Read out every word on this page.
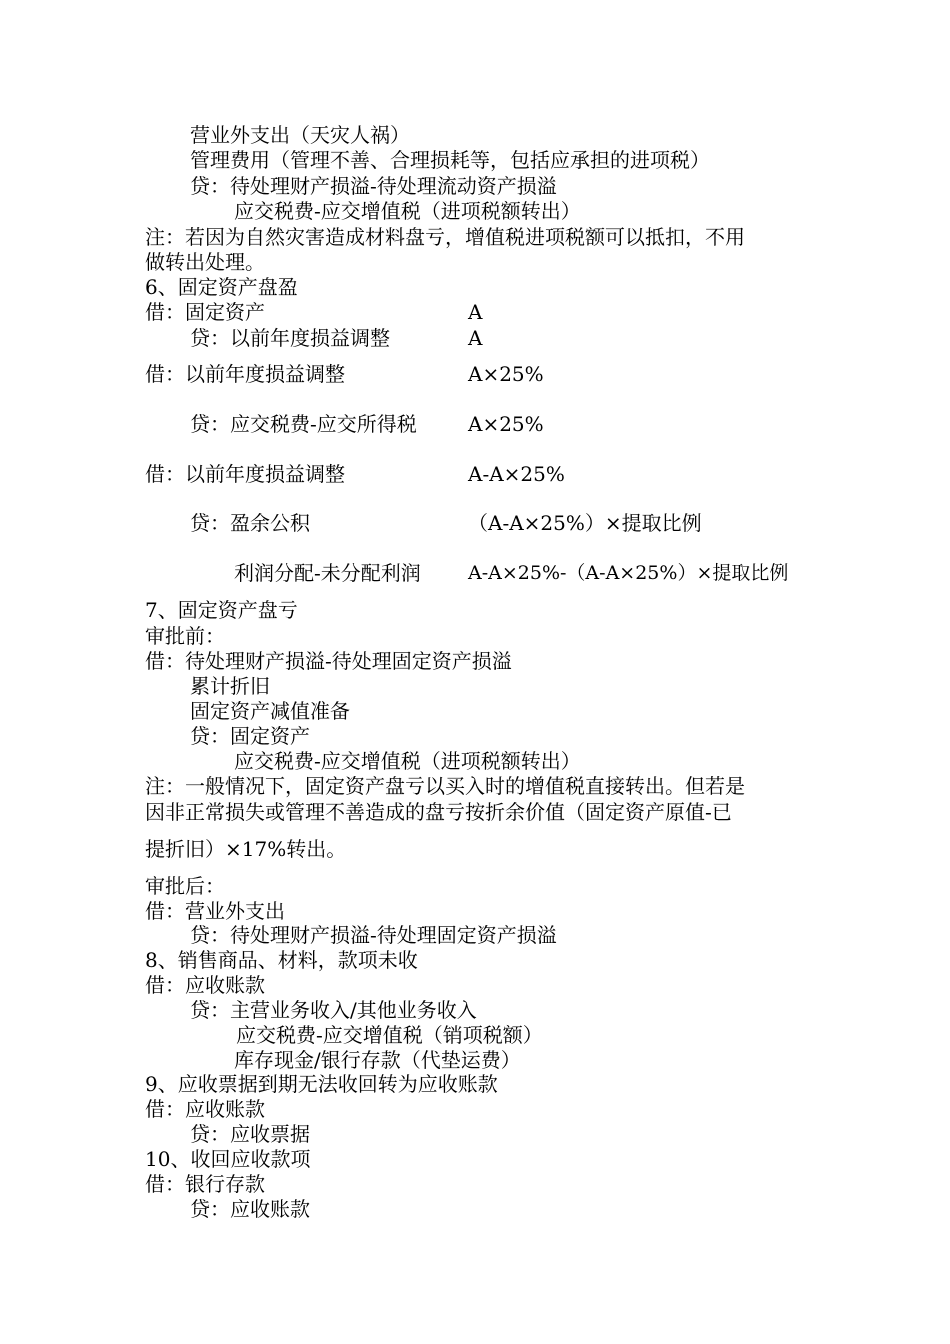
营业外支出（天灾人祸）
管理费用（管理不善、合理损耗等，包括应承担的进项税）
贷：待处理财产损溢-待处理流动资产损溢
应交税费-应交增值税（进项税额转出）
注：若因为自然灾害造成材料盘亏，增值税进项税额可以抵扣，不用
做转出处理。
6、固定资产盘盈
借：固定资产
贷：以前年度损益调整
借：以前年度损益调整
贷：应交税费-应交所得税
借：以前年度损益调整
贷：盈余公积
利润分配-未分配利润
7、固定资产盘亏
审批前：
借：待处理财产损溢-待处理固定资产损溢
累计折旧
固定资产减值准备
贷：固定资产
应交税费-应交增值税（进项税额转出）
注：一般情况下，固定资产盘亏以买入时的增值税直接转出。但若是
因非正常损失或管理不善造成的盘亏按折余价值（固定资产原值-已
提折旧）×17%转出。
审批后：
借：营业外支出
贷：待处理财产损溢-待处理固定资产损溢
8、销售商品、材料，款项未收
借：应收账款
贷：主营业务收入/其他业务收入
应交税费-应交增值税（销项税额）
库存现金/银行存款（代垫运费）
9、应收票据到期无法收回转为应收账款
借：应收账款
贷：应收票据
10、收回应收款项
借：银行存款
贷：应收账款
A
A
A×25%
A×25%
A-A×25%
（A-A×25%）×提取比例
A-A×25%-（A-A×25%）×提取比例
